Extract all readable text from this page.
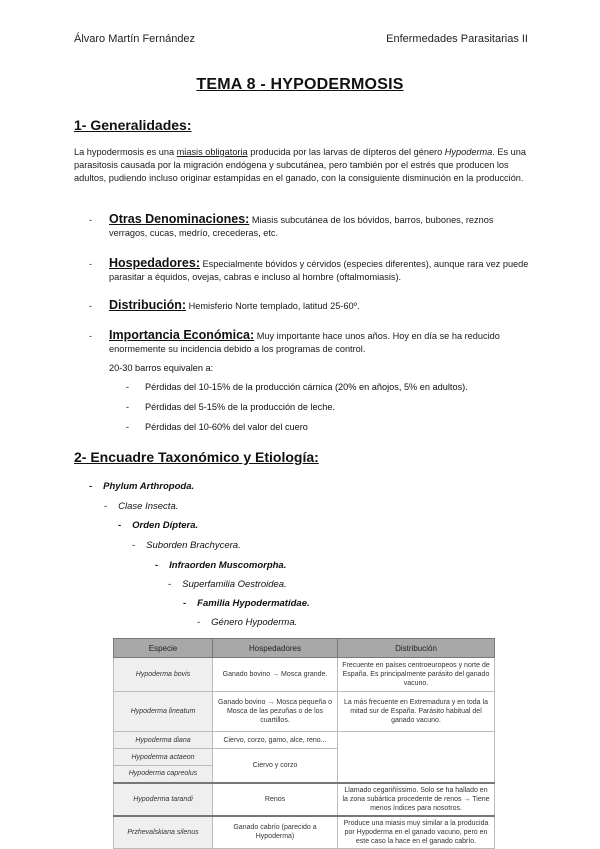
Álvaro Martín Fernández	Enfermedades Parasitarias II
TEMA 8 - HYPODERMOSIS
1- Generalidades:
La hypodermosis es una miasis obligatoria producida por las larvas de dípteros del género Hypoderma. Es una parasitosis causada por la migración endógena y subcutánea, pero también por el estrés que producen los adultos, pudiendo incluso originar estampidas en el ganado, con la consiguiente disminución en la producción.
- Otras Denominaciones: Miasis subcutánea de los bóvidos, barros, bubones, reznos verragos, cucas, medrío, crecederas, etc.
- Hospedadores: Especialmente bóvidos y cérvidos (especies diferentes), aunque rara vez puede parasitar a équidos, ovejas, cabras e incluso al hombre (oftalmomiasis).
- Distribución: Hemisferio Norte templado, latitud 25-60º.
- Importancia Económica: Muy importante hace unos años. Hoy en día se ha reducido enormemente su incidencia debido a los programas de control.
20-30 barros equivalen a:
- Pérdidas del 10-15% de la producción cárnica (20% en añojos, 5% en adultos).
- Pérdidas del 5-15% de la producción de leche.
- Pérdidas del 10-60% del valor del cuero
2- Encuadre Taxonómico y Etiología:
- Phylum Arthropoda.
- Clase Insecta.
- Orden Díptera.
- Suborden Brachycera.
- Infraorden Muscomorpha.
- Superfamilia Oestroidea.
- Familia Hypodermatidae.
- Género Hypoderma.
Especie	Hospedadores	Distribución
Hypoderma bovis	Ganado bovino → Mosca grande.	Frecuente en países centroeuropeos y norte de España. Es principalmente parásito del ganado vacuno.
Hypoderma lineatum	Ganado bovino → Mosca pequeña o Mosca de las pezuñas o de los cuartillos.	La más frecuente en Extremadura y en toda la mitad sur de España. Parásito habitual del ganado vacuno.
Hypoderma diana	Ciervo, corzo, gamo, alce, reno...	
Hypoderma actaeon	Ciervo y corzo	
Hypoderma capreolus		
Hypoderma tarandi	Renos	Llamado cegariñíssimo. Solo se ha hallado en la zona subártica procedente de renos → Tiene menos índices para nosotros.
Przhevalskiana silenus	Ganado cabrío (parecido a Hypoderma)	Produce una miasis muy similar a la producida por Hypoderma en el ganado vacuno, pero en este caso la hace en el ganado cabrío.
